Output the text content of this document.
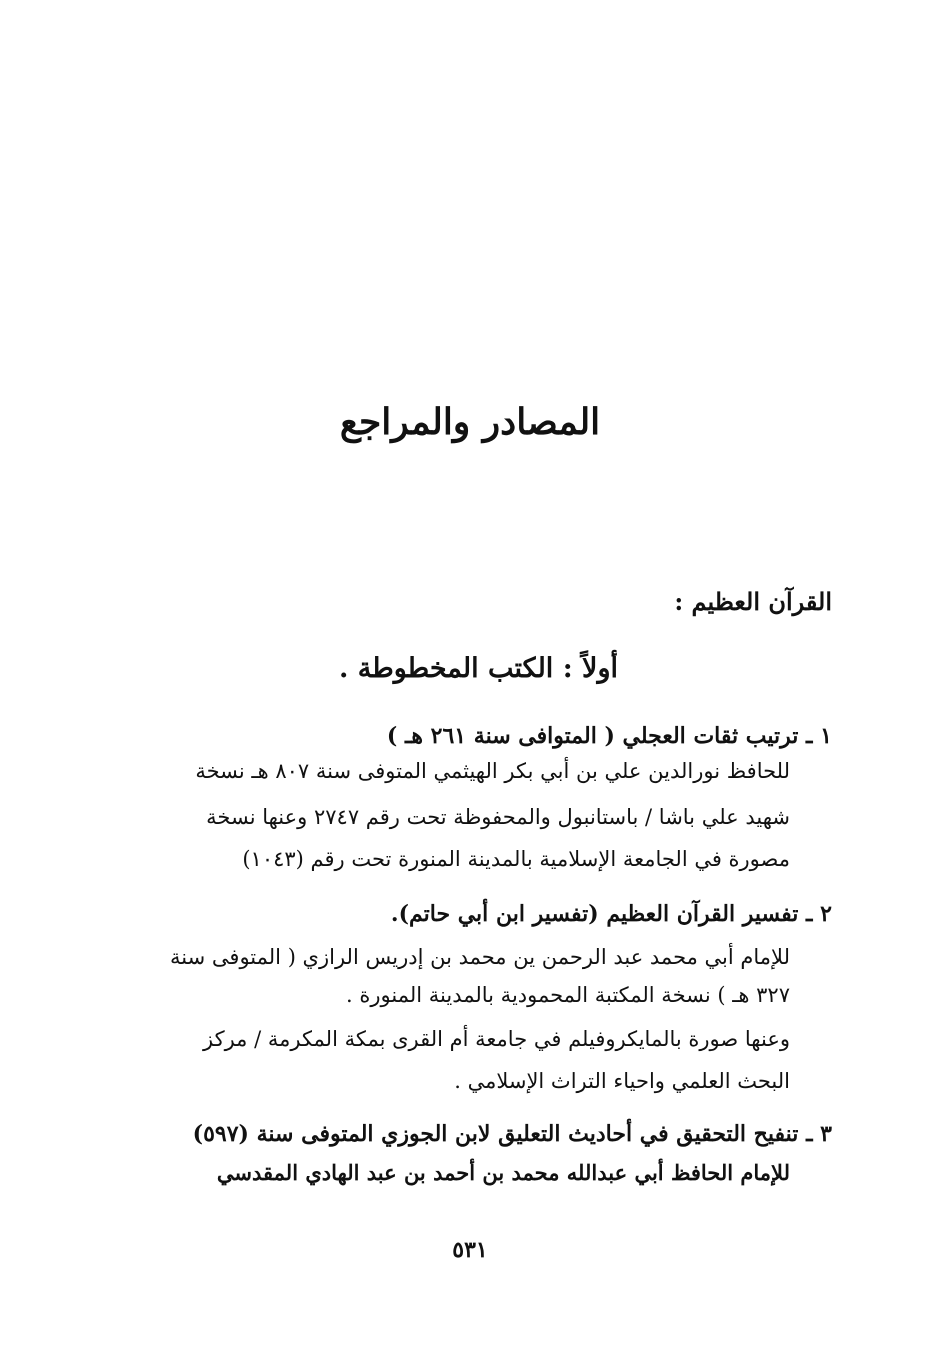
المصادر والمراجع
القرآن العظيم :
أولاً : الكتب المخطوطة .
١ ـ ترتيب ثقات العجلي ( المتوافى سنة ٢٦١ هـ )
للحافظ نورالدين علي بن أبي بكر الهيثمي المتوفى سنة ٨٠٧ هـ نسخة
شهيد علي باشا / باستانبول والمحفوظة تحت رقم ٢٧٤٧ وعنها نسخة
مصورة في الجامعة الإسلامية بالمدينة المنورة تحت رقم (١٠٤٣)
٢ ـ تفسير القرآن العظيم (تفسير ابن أبي حاتم).
للإمام أبي محمد عبد الرحمن ين محمد بن إدريس الرازي ( المتوفى سنة
٣٢٧ هـ ) نسخة المكتبة المحمودية بالمدينة المنورة .
وعنها صورة بالمايكروفيلم في جامعة أم القرى بمكة المكرمة / مركز
البحث العلمي واحياء التراث الإسلامي .
٣ ـ تنفيح التحقيق في أحاديث التعليق لابن الجوزي المتوفى سنة (٥٩٧)
للإمام الحافظ أبي عبدالله محمد بن أحمد بن عبد الهادي المقدسي
٥٣١
